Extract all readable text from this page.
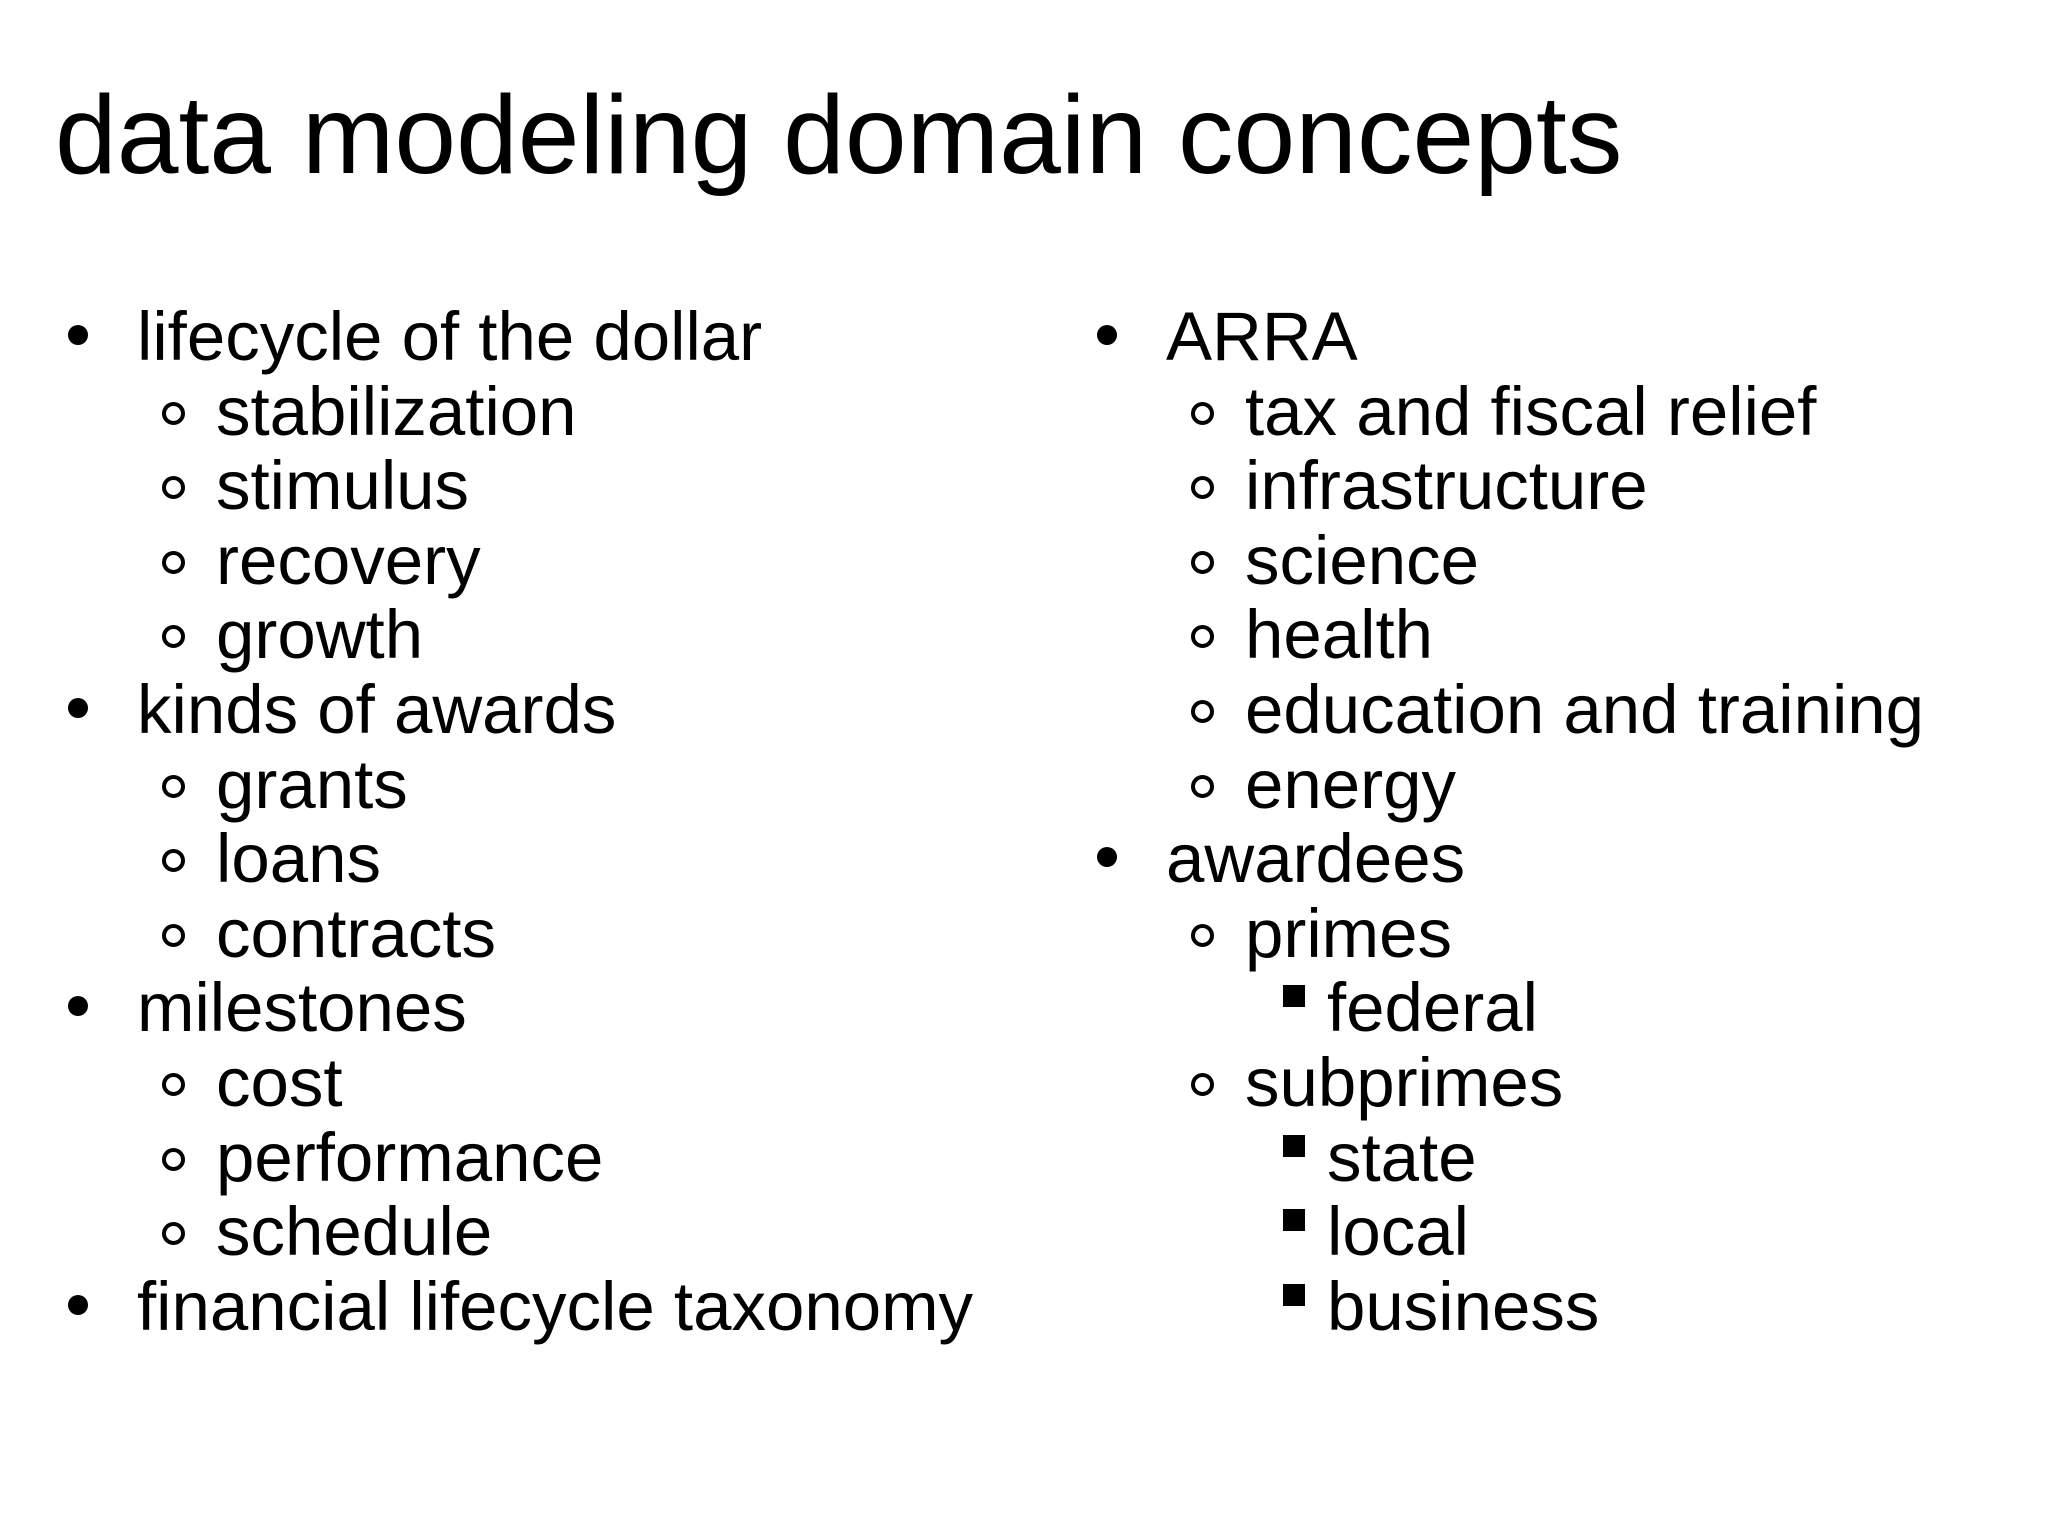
data modeling domain concepts
lifecycle of the dollar
stabilization
stimulus
recovery
growth
kinds of awards
grants
loans
contracts
milestones
cost
performance
schedule
financial lifecycle taxonomy
ARRA
tax and fiscal relief
infrastructure
science
health
education and training
energy
awardees
primes
federal
subprimes
state
local
business
